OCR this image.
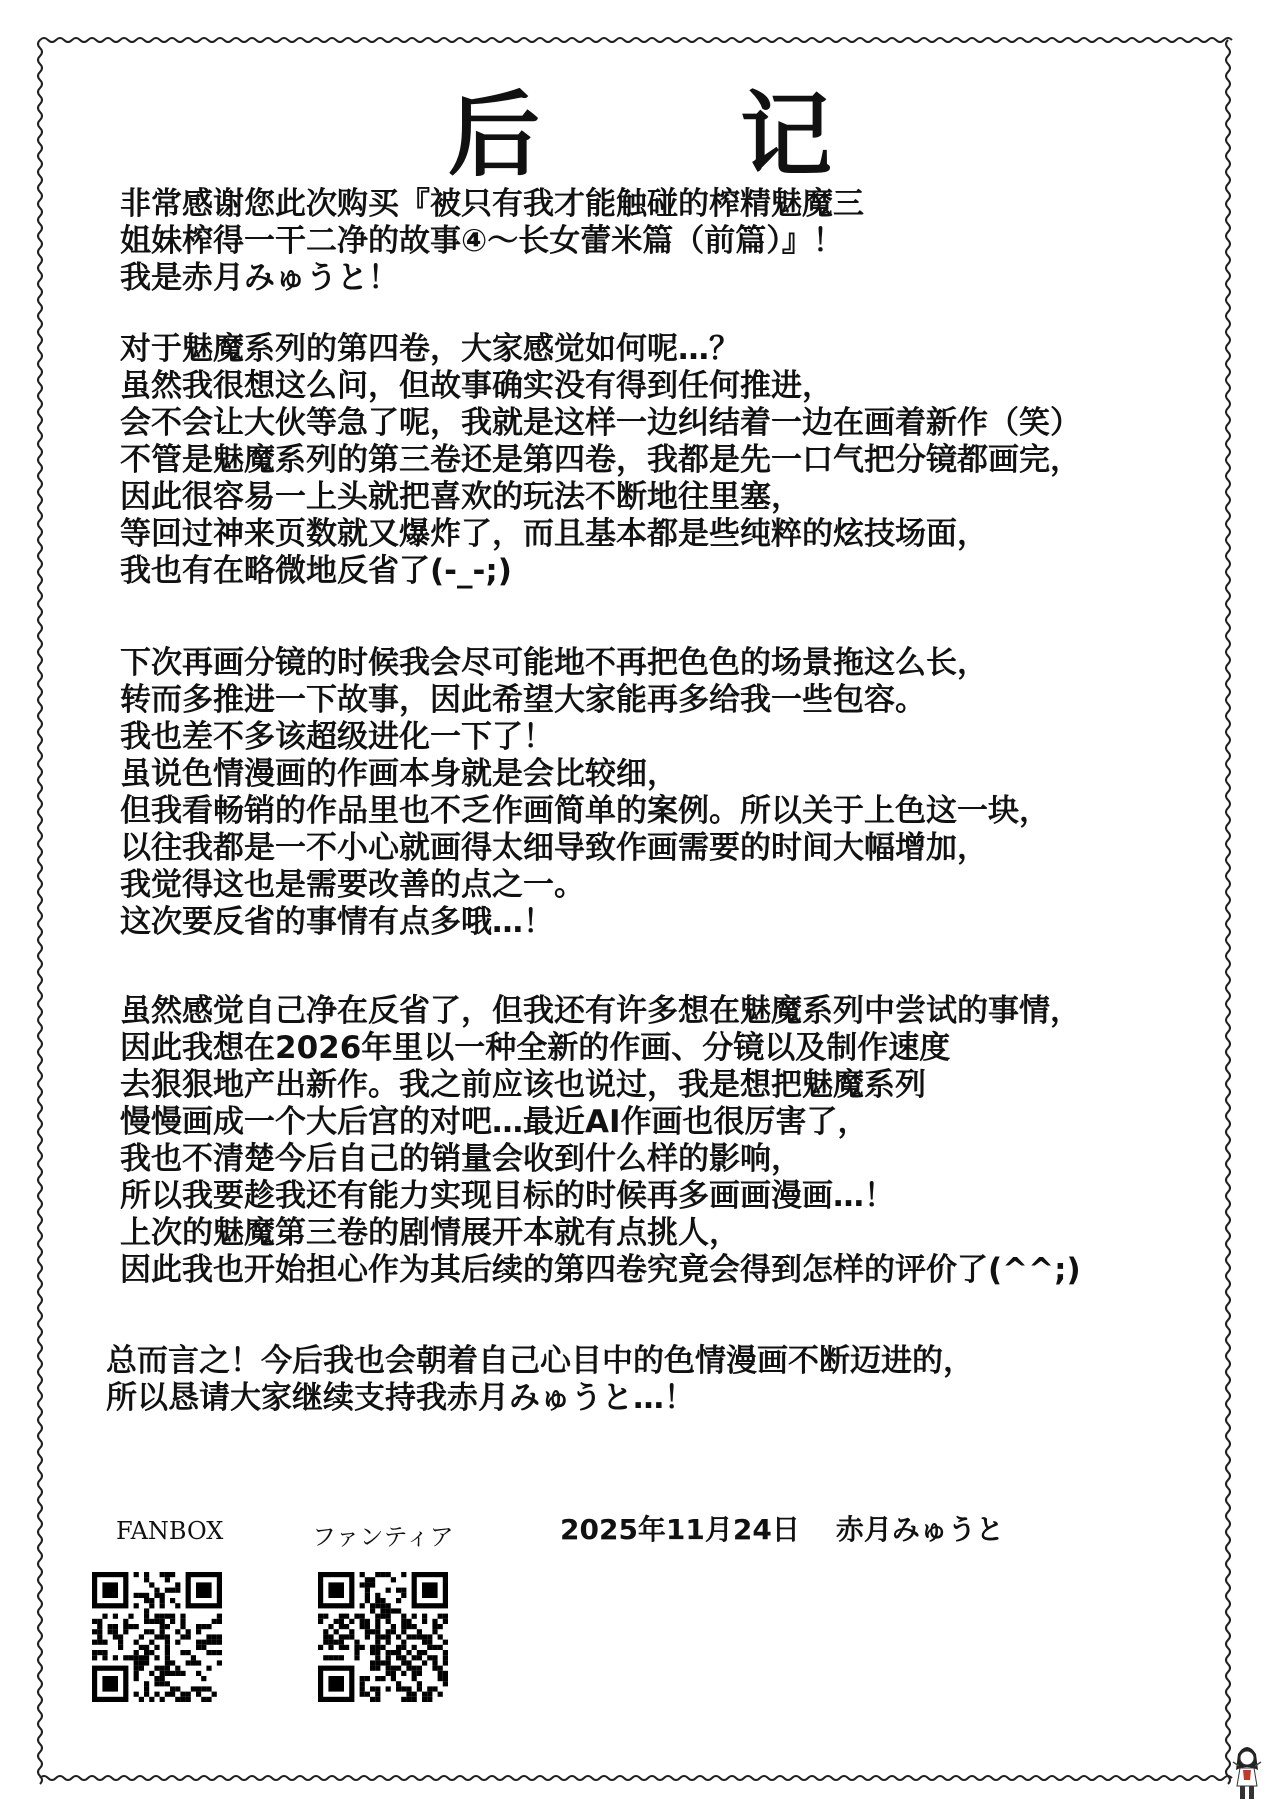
后 记
非常感谢您此次购买『被只有我才能触碰的榨精魅魔三
姐妹榨得一干二净的故事④〜长女蕾米篇（前篇）』！
我是赤月みゅうと！
对于魅魔系列的第四卷，大家感觉如何呢…？
虽然我很想这么问，但故事确实没有得到任何推进，
会不会让大伙等急了呢，我就是这样一边纠结着一边在画着新作（笑）
不管是魅魔系列的第三卷还是第四卷，我都是先一口气把分镜都画完，
因此很容易一上头就把喜欢的玩法不断地往里塞，
等回过神来页数就又爆炸了，而且基本都是些纯粹的炫技场面，
我也有在略微地反省了(-_-;)
下次再画分镜的时候我会尽可能地不再把色色的场景拖这么长，
转而多推进一下故事，因此希望大家能再多给我一些包容。
我也差不多该超级进化一下了！
虽说色情漫画的作画本身就是会比较细，
但我看畅销的作品里也不乏作画简单的案例。所以关于上色这一块，
以往我都是一不小心就画得太细导致作画需要的时间大幅增加，
我觉得这也是需要改善的点之一。
这次要反省的事情有点多哦…！
虽然感觉自己净在反省了，但我还有许多想在魅魔系列中尝试的事情，
因此我想在2026年里以一种全新的作画、分镜以及制作速度
去狠狠地产出新作。我之前应该也说过，我是想把魅魔系列
慢慢画成一个大后宫的对吧…最近AI作画也很厉害了，
我也不清楚今后自己的销量会收到什么样的影响，
所以我要趁我还有能力实现目标的时候再多画画漫画…！
上次的魅魔第三卷的剧情展开本就有点挑人，
因此我也开始担心作为其后续的第四卷究竟会得到怎样的评价了(^^;)
总而言之！今后我也会朝着自己心目中的色情漫画不断迈进的，
所以恳请大家继续支持我赤月みゅうと…！
FANBOX	ファンティア	2025年11月24日 赤月みゅうと
